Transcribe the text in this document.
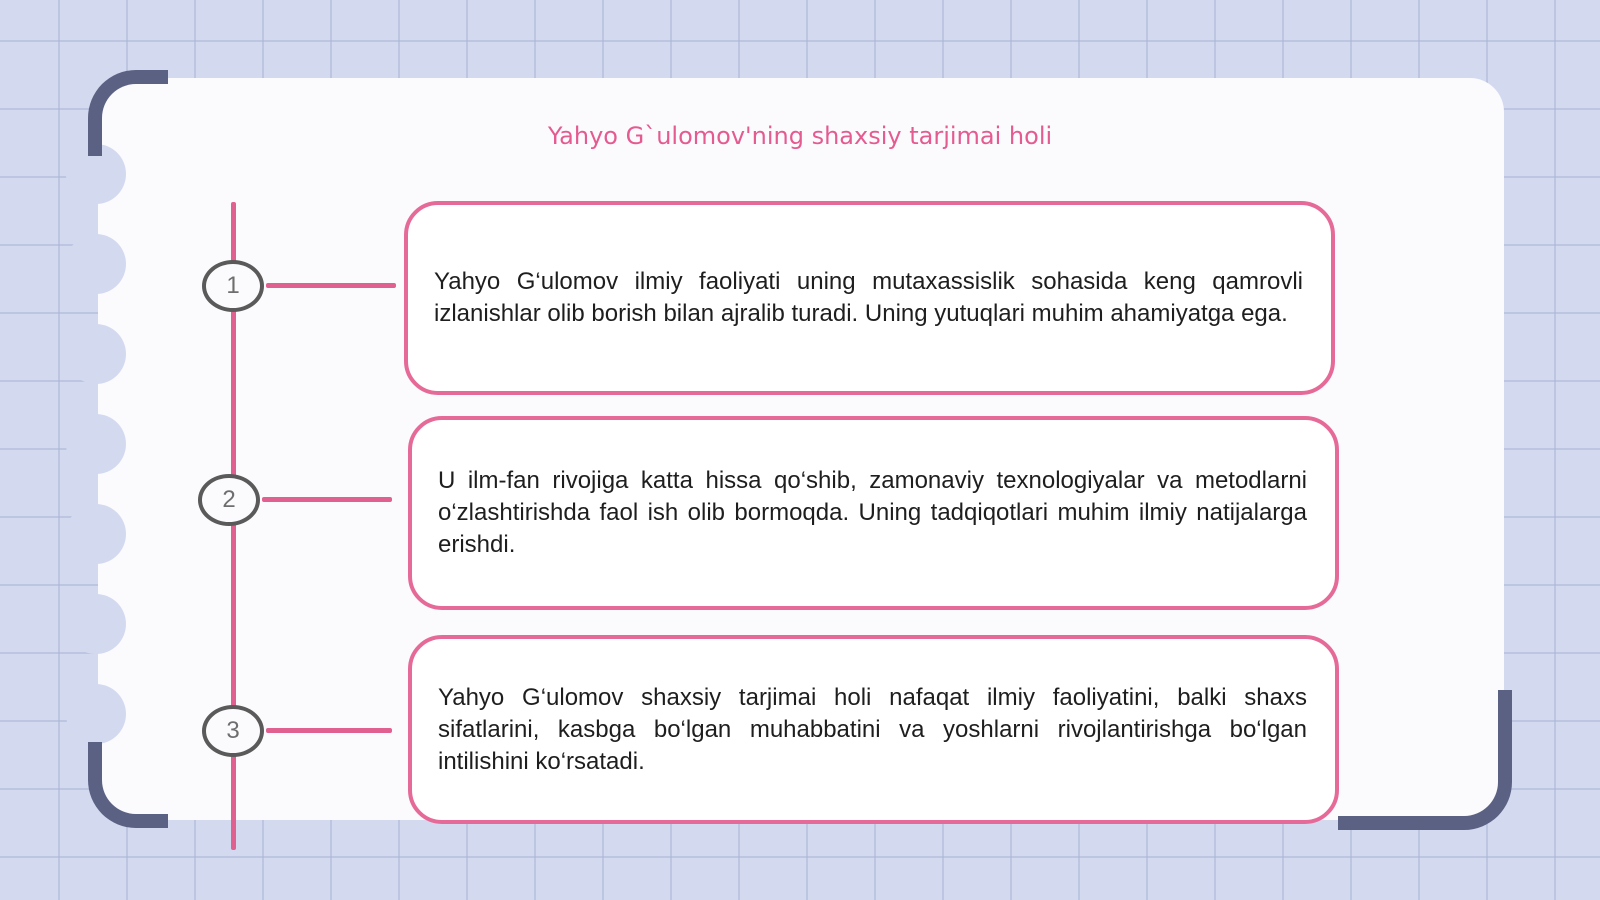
Yahyo G`ulomov'ning shaxsiy tarjimai holi
1	Yahyo G‘ulomov ilmiy faoliyati uning mutaxassislik sohasida keng qamrovli izlanishlar olib borish bilan ajralib turadi. Uning yutuqlari muhim ahamiyatga ega.

2

U ilm-fan rivojiga katta hissa qo‘shib, zamonaviy texnologiyalar va metodlarni o‘zlashtirishda faol ish olib bormoqda. Uning tadqiqotlari muhim ilmiy natijalarga erishdi.

3

Yahyo G‘ulomov shaxsiy tarjimai holi nafaqat ilmiy faoliyatini, balki shaxs sifatlarini, kasbga bo‘lgan muhabbatini va yoshlarni rivojlantirishga bo‘lgan intilishini ko‘rsatadi.
